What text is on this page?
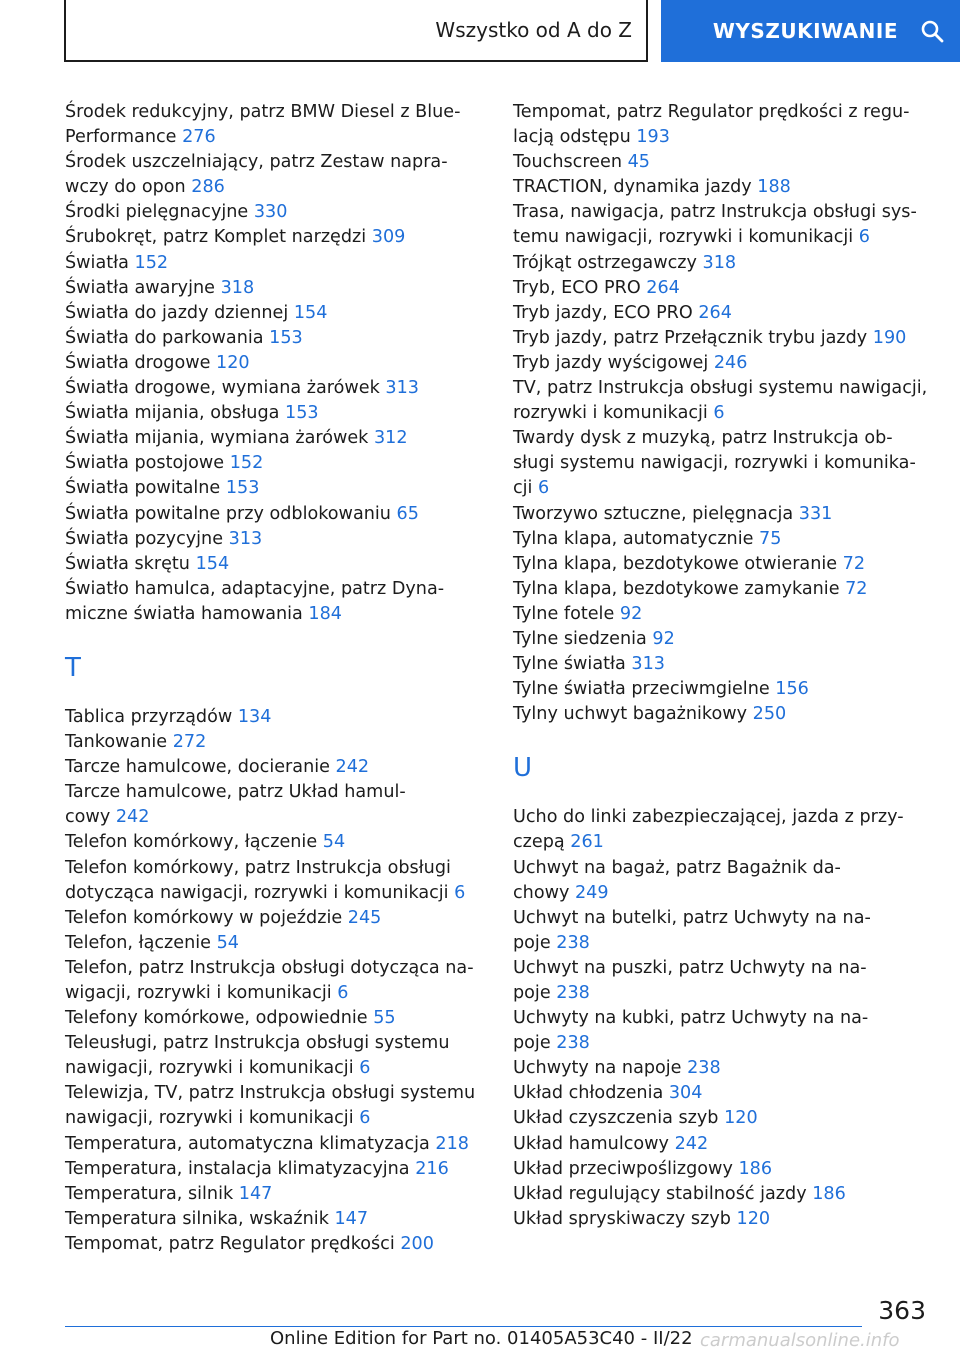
Wszystko od A do Z	WYSZUKIWANIE
Środek redukcyjny, patrz BMW Diesel z Blue-
Performance 276
Środek uszczelniający, patrz Zestaw napra-
wczy do opon 286
Środki pielęgnacyjne 330
Śrubokręt, patrz Komplet narzędzi 309
Światła 152
Światła awaryjne 318
Światła do jazdy dziennej 154
Światła do parkowania 153
Światła drogowe 120
Światła drogowe, wymiana żarówek 313
Światła mijania, obsługa 153
Światła mijania, wymiana żarówek 312
Światła postojowe 152
Światła powitalne 153
Światła powitalne przy odblokowaniu 65
Światła pozycyjne 313
Światła skrętu 154
Światło hamulca, adaptacyjne, patrz Dyna-
miczne światła hamowania 184
T
Tablica przyrządów 134
Tankowanie 272
Tarcze hamulcowe, docieranie 242
Tarcze hamulcowe, patrz Układ hamul-
cowy 242
Telefon komórkowy, łączenie 54
Telefon komórkowy, patrz Instrukcja obsługi
dotycząca nawigacji, rozrywki i komunikacji 6
Telefon komórkowy w pojeździe 245
Telefon, łączenie 54
Telefon, patrz Instrukcja obsługi dotycząca na-
wigacji, rozrywki i komunikacji 6
Telefony komórkowe, odpowiednie 55
Teleusługi, patrz Instrukcja obsługi systemu
nawigacji, rozrywki i komunikacji 6
Telewizja, TV, patrz Instrukcja obsługi systemu
nawigacji, rozrywki i komunikacji 6
Temperatura, automatyczna klimatyzacja 218
Temperatura, instalacja klimatyzacyjna 216
Temperatura, silnik 147
Temperatura silnika, wskaźnik 147
Tempomat, patrz Regulator prędkości 200
Tempomat, patrz Regulator prędkości z regu-
lacją odstępu 193
Touchscreen 45
TRACTION, dynamika jazdy 188
Trasa, nawigacja, patrz Instrukcja obsługi sys-
temu nawigacji, rozrywki i komunikacji 6
Trójkąt ostrzegawczy 318
Tryb, ECO PRO 264
Tryb jazdy, ECO PRO 264
Tryb jazdy, patrz Przełącznik trybu jazdy 190
Tryb jazdy wyścigowej 246
TV, patrz Instrukcja obsługi systemu nawigacji,
rozrywki i komunikacji 6
Twardy dysk z muzyką, patrz Instrukcja ob-
sługi systemu nawigacji, rozrywki i komunika-
cji 6
Tworzywo sztuczne, pielęgnacja 331
Tylna klapa, automatycznie 75
Tylna klapa, bezdotykowe otwieranie 72
Tylna klapa, bezdotykowe zamykanie 72
Tylne fotele 92
Tylne siedzenia 92
Tylne światła 313
Tylne światła przeciwmgielne 156
Tylny uchwyt bagażnikowy 250
U
Ucho do linki zabezpieczającej, jazda z przy-
czepą 261
Uchwyt na bagaż, patrz Bagażnik da-
chowy 249
Uchwyt na butelki, patrz Uchwyty na na-
poje 238
Uchwyt na puszki, patrz Uchwyty na na-
poje 238
Uchwyty na kubki, patrz Uchwyty na na-
poje 238
Uchwyty na napoje 238
Układ chłodzenia 304
Układ czyszczenia szyb 120
Układ hamulcowy 242
Układ przeciwpoślizgowy 186
Układ regulujący stabilność jazdy 186
Układ spryskiwaczy szyb 120
363
Online Edition for Part no. 01405A53C40 - II/22 carmanualsonline.info
